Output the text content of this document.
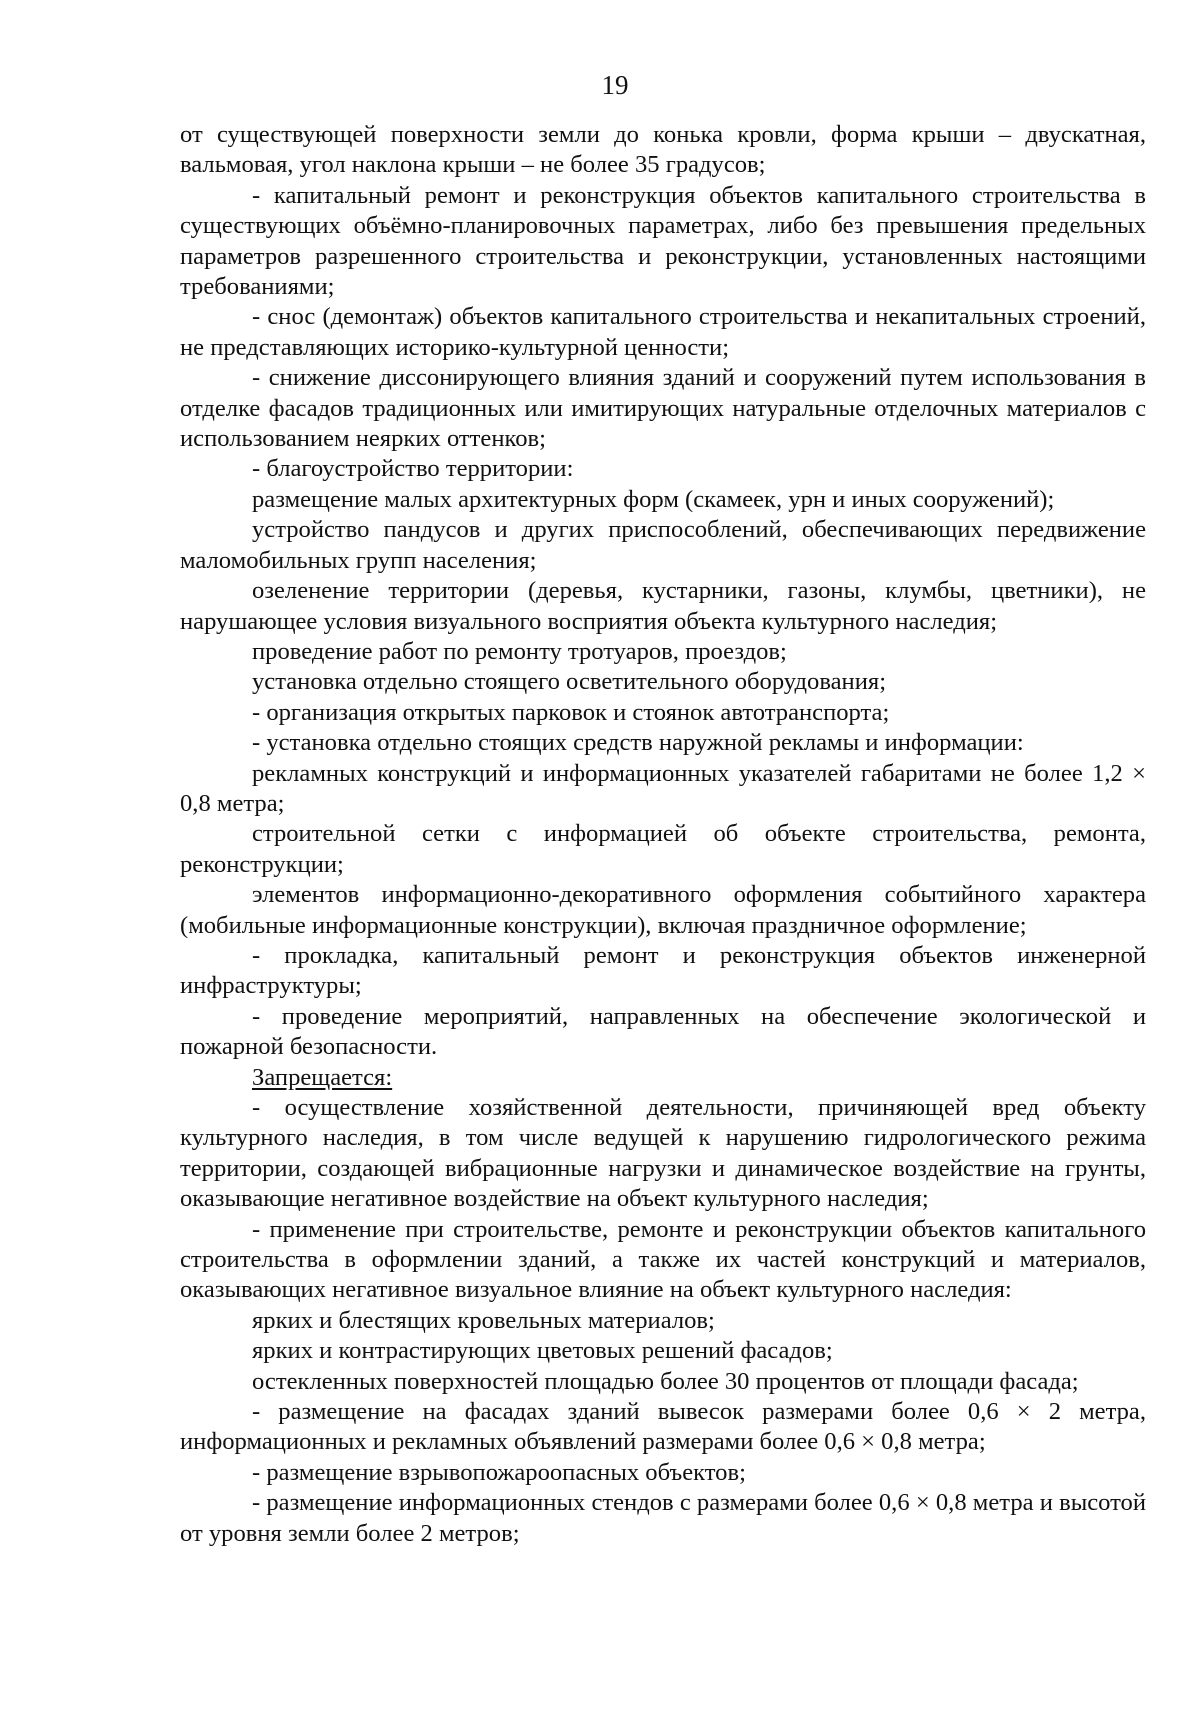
19

от существующей поверхности земли до конька кровли, форма крыши – двускатная, вальмовая, угол наклона крыши – не более 35 градусов;

- капитальный ремонт и реконструкция объектов капитального строительства в существующих объёмно-планировочных параметрах, либо без превышения предельных параметров разрешенного строительства и реконструкции, установленных настоящими требованиями;

- снос (демонтаж) объектов капитального строительства и некапитальных строений, не представляющих историко-культурной ценности;

- снижение диссонирующего влияния зданий и сооружений путем использования в отделке фасадов традиционных или имитирующих натуральные отделочных материалов с использованием неярких оттенков;

- благоустройство территории:

размещение малых архитектурных форм (скамеек, урн и иных сооружений);

устройство пандусов и других приспособлений, обеспечивающих передвижение маломобильных групп населения;

озеленение территории (деревья, кустарники, газоны, клумбы, цветники), не нарушающее условия визуального восприятия объекта культурного наследия;

проведение работ по ремонту тротуаров, проездов;

установка отдельно стоящего осветительного оборудования;

- организация открытых парковок и стоянок автотранспорта;

- установка отдельно стоящих средств наружной рекламы и информации:

рекламных конструкций и информационных указателей габаритами не более 1,2 × 0,8 метра;

строительной сетки с информацией об объекте строительства, ремонта, реконструкции;

элементов информационно-декоративного оформления событийного характера (мобильные информационные конструкции), включая праздничное оформление;

- прокладка, капитальный ремонт и реконструкция объектов инженерной инфраструктуры;

- проведение мероприятий, направленных на обеспечение экологической и пожарной безопасности.

Запрещается:

- осуществление хозяйственной деятельности, причиняющей вред объекту культурного наследия, в том числе ведущей к нарушению гидрологического режима территории, создающей вибрационные нагрузки и динамическое воздействие на грунты, оказывающие негативное воздействие на объект культурного наследия;

- применение при строительстве, ремонте и реконструкции объектов капитального строительства в оформлении зданий, а также их частей конструкций и материалов, оказывающих негативное визуальное влияние на объект культурного наследия:

ярких и блестящих кровельных материалов;

ярких и контрастирующих цветовых решений фасадов;

остекленных поверхностей площадью более 30 процентов от площади фасада;

- размещение на фасадах зданий вывесок размерами более 0,6 × 2 метра, информационных и рекламных объявлений размерами более 0,6 × 0,8 метра;

- размещение взрывопожароопасных объектов;

- размещение информационных стендов с размерами более 0,6 × 0,8 метра и высотой от уровня земли более 2 метров;
